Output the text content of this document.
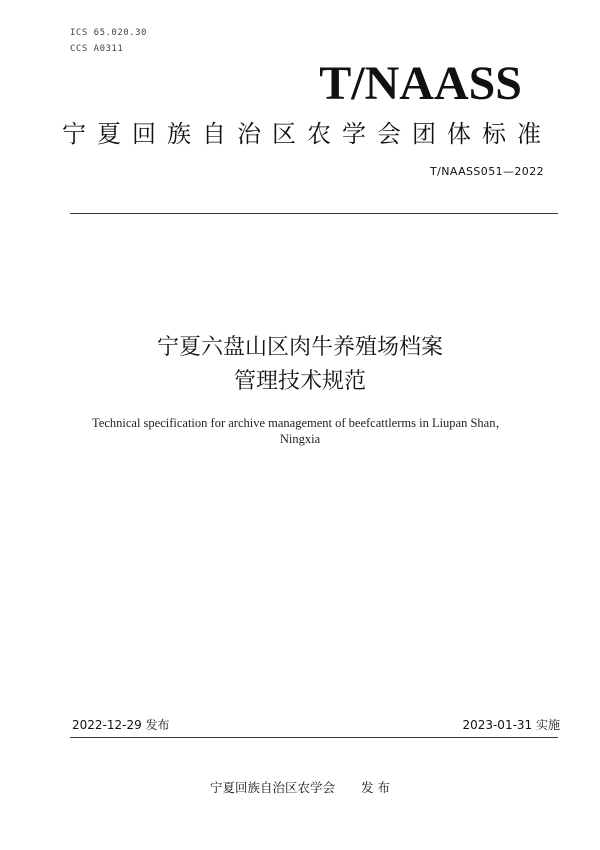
ICS 65.020.30
CCS A0311
T/NAASS
宁夏回族自治区农学会团体标准
T/NAASS051—2022
宁夏六盘山区肉牛养殖场档案
管理技术规范
Technical specification for archive management of beefcattlerms in Liupan Shan，
Ningxia
2022-12-29 发布	2023-01-31 实施
宁夏回族自治区农学会 发 布
